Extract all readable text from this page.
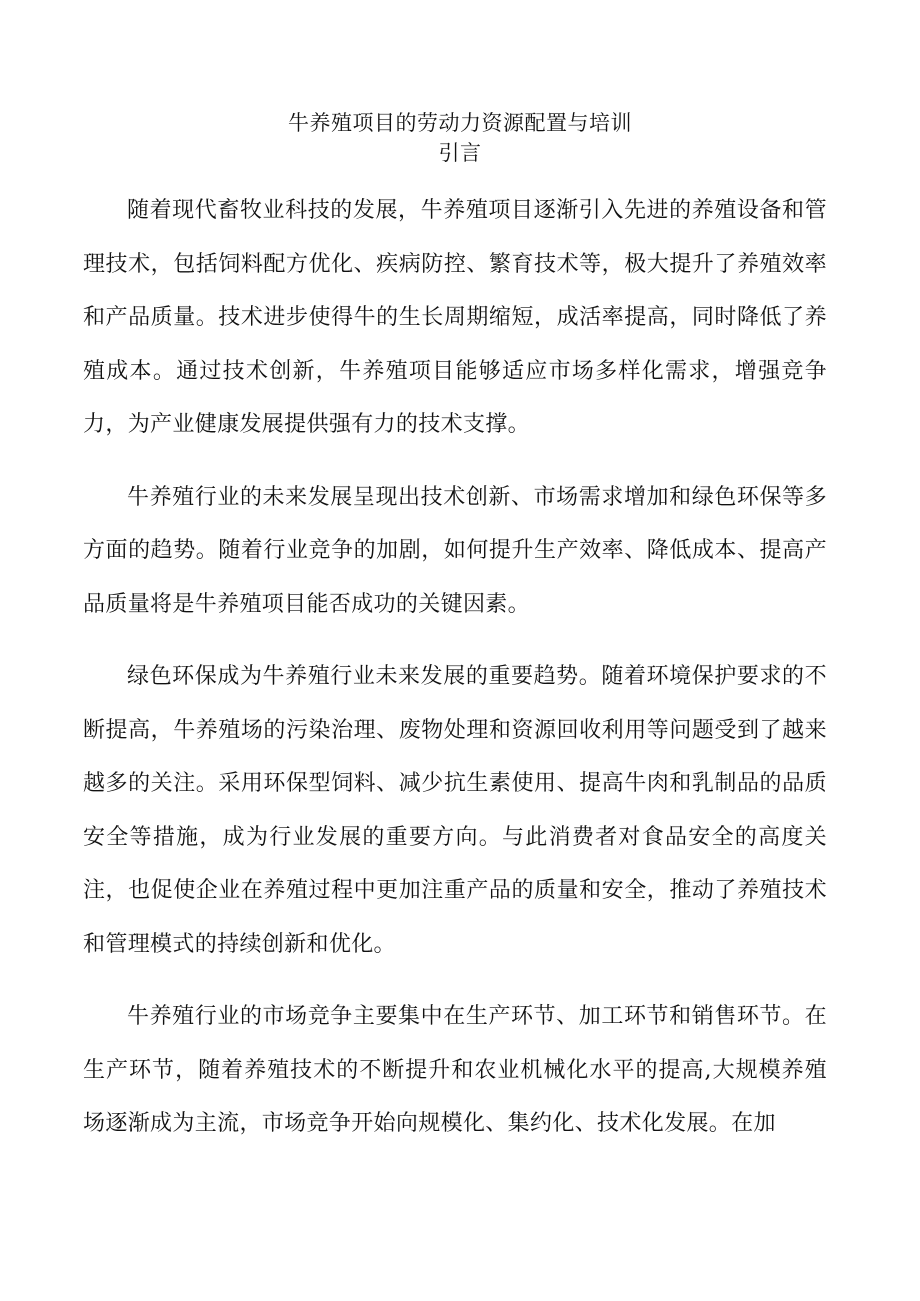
牛养殖项目的劳动力资源配置与培训
引言

随着现代畜牧业科技的发展，牛养殖项目逐渐引入先进的养殖设备和管理技术，包括饲料配方优化、疾病防控、繁育技术等，极大提升了养殖效率和产品质量。技术进步使得牛的生长周期缩短，成活率提高，同时降低了养殖成本。通过技术创新，牛养殖项目能够适应市场多样化需求，增强竞争力，为产业健康发展提供强有力的技术支撑。

牛养殖行业的未来发展呈现出技术创新、市场需求增加和绿色环保等多方面的趋势。随着行业竞争的加剧，如何提升生产效率、降低成本、提高产品质量将是牛养殖项目能否成功的关键因素。

绿色环保成为牛养殖行业未来发展的重要趋势。随着环境保护要求的不断提高，牛养殖场的污染治理、废物处理和资源回收利用等问题受到了越来越多的关注。采用环保型饲料、减少抗生素使用、提高牛肉和乳制品的品质安全等措施，成为行业发展的重要方向。与此消费者对食品安全的高度关注，也促使企业在养殖过程中更加注重产品的质量和安全，推动了养殖技术和管理模式的持续创新和优化。

牛养殖行业的市场竞争主要集中在生产环节、加工环节和销售环节。在生产环节，随着养殖技术的不断提升和农业机械化水平的提高,大规模养殖场逐渐成为主流，市场竞争开始向规模化、集约化、技术化发展。在加
